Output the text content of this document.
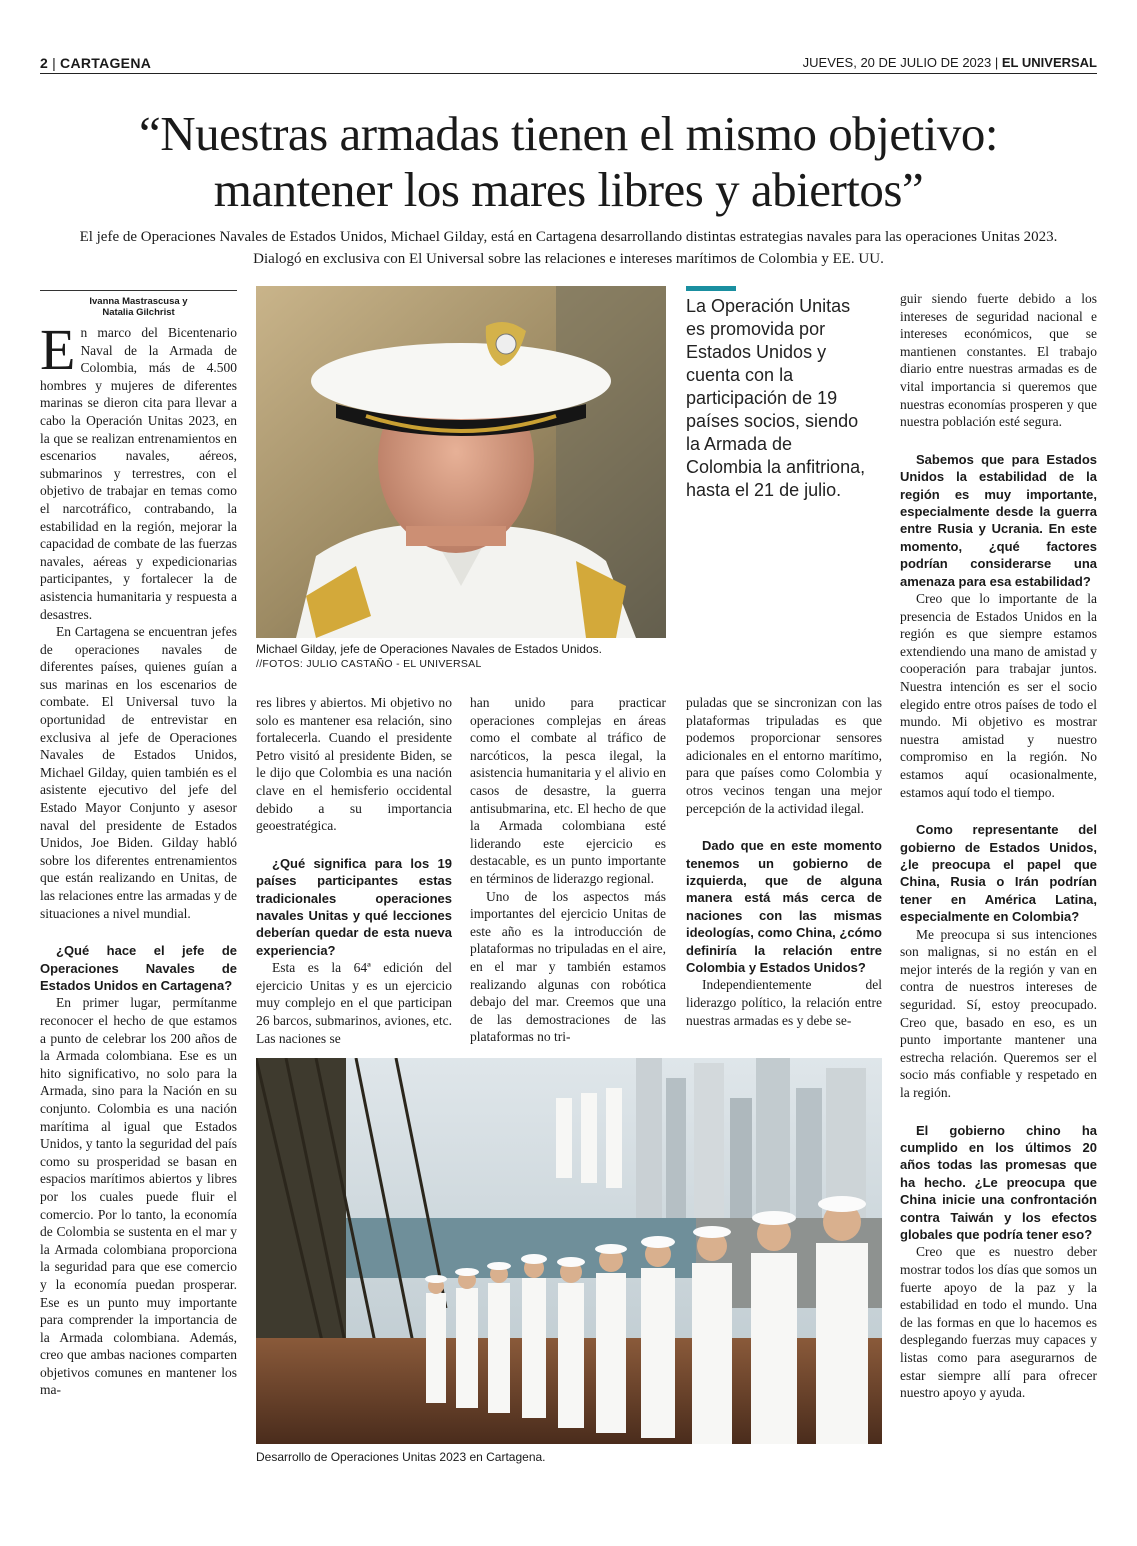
2 | CARTAGENA	JUEVES, 20 DE JULIO DE 2023 | EL UNIVERSAL
“Nuestras armadas tienen el mismo objetivo:
mantener los mares libres y abiertos”
El jefe de Operaciones Navales de Estados Unidos, Michael Gilday, está en Cartagena desarrollando distintas estrategias navales para las operaciones Unitas 2023. Dialogó en exclusiva con El Universal sobre las relaciones e intereses marítimos de Colombia y EE. UU.
Ivanna Mastrascusa y
Natalia Gilchrist

En marco del Bicentenario Naval de la Armada de Colombia, más de 4.500 hombres y mujeres de diferentes marinas se dieron cita para llevar a cabo la Operación Unitas 2023, en la que se realizan entrenamientos en escenarios navales, aéreos, submarinos y terrestres, con el objetivo de trabajar en temas como el narcotráfico, contrabando, la estabilidad en la región, mejorar la capacidad de combate de las fuerzas navales, aéreas y expedicionarias participantes, y fortalecer la de asistencia humanitaria y respuesta a desastres.

En Cartagena se encuentran jefes de operaciones navales de diferentes países, quienes guían a sus marinas en los escenarios de combate. El Universal tuvo la oportunidad de entrevistar en exclusiva al jefe de Operaciones Navales de Estados Unidos, Michael Gilday, quien también es el asistente ejecutivo del jefe del Estado Mayor Conjunto y asesor naval del presidente de Estados Unidos, Joe Biden. Gilday habló sobre los diferentes entrenamientos que están realizando en Unitas, de las relaciones entre las armadas y de situaciones a nivel mundial.

¿Qué hace el jefe de Operaciones Navales de Estados Unidos en Cartagena?

En primer lugar, permítanme reconocer el hecho de que estamos a punto de celebrar los 200 años de la Armada colombiana. Ese es un hito significativo, no solo para la Armada, sino para la Nación en su conjunto. Colombia es una nación marítima al igual que Estados Unidos, y tanto la seguridad del país como su prosperidad se basan en espacios marítimos abiertos y libres por los cuales puede fluir el comercio. Por lo tanto, la economía de Colombia se sustenta en el mar y la Armada colombiana proporciona la seguridad para que ese comercio y la economía puedan prosperar. Ese es un punto muy importante para comprender la importancia de la Armada colombiana. Además, creo que ambas naciones comparten objetivos comunes en mantener los ma-

Michael Gilday, jefe de Operaciones Navales de Estados Unidos.
//FOTOS: JULIO CASTAÑO - EL UNIVERSAL
La Operación Unitas es promovida por Estados Unidos y cuenta con la participación de 19 países socios, siendo la Armada de Colombia la anfitriona, hasta el 21 de julio.

res libres y abiertos. Mi objetivo no solo es mantener esa relación, sino fortalecerla. Cuando el presidente Petro visitó al presidente Biden, se le dijo que Colombia es una nación clave en el hemisferio occidental debido a su importancia geoestratégica.

¿Qué significa para los 19 países participantes estas tradicionales operaciones navales Unitas y qué lecciones deberían quedar de esta nueva experiencia?

Esta es la 64ª edición del ejercicio Unitas y es un ejercicio muy complejo en el que participan 26 barcos, submarinos, aviones, etc. Las naciones se

han unido para practicar operaciones complejas en áreas como el combate al tráfico de narcóticos, la pesca ilegal, la asistencia humanitaria y el alivio en casos de desastre, la guerra antisubmarina, etc. El hecho de que la Armada colombiana esté liderando este ejercicio es destacable, es un punto importante en términos de liderazgo regional.

Uno de los aspectos más importantes del ejercicio Unitas de este año es la introducción de plataformas no tripuladas en el aire, en el mar y también estamos realizando algunas con robótica debajo del mar. Creemos que una de las demostraciones de las plataformas no tri-

puladas que se sincronizan con las plataformas tripuladas es que podemos proporcionar sensores adicionales en el entorno marítimo, para que países como Colombia y otros vecinos tengan una mejor percepción de la actividad ilegal.

Dado que en este momento tenemos un gobierno de izquierda, que de alguna manera está más cerca de naciones con las mismas ideologías, como China, ¿cómo definiría la relación entre Colombia y Estados Unidos?

Independientemente del liderazgo político, la relación entre nuestras armadas es y debe se-

guir siendo fuerte debido a los intereses de seguridad nacional e intereses económicos, que se mantienen constantes. El trabajo diario entre nuestras armadas es de vital importancia si queremos que nuestras economías prosperen y que nuestra población esté segura.

Sabemos que para Estados Unidos la estabilidad de la región es muy importante, especialmente desde la guerra entre Rusia y Ucrania. En este momento, ¿qué factores podrían considerarse una amenaza para esa estabilidad?

Creo que lo importante de la presencia de Estados Unidos en la región es que siempre estamos extendiendo una mano de amistad y cooperación para trabajar juntos. Nuestra intención es ser el socio elegido entre otros países de todo el mundo. Mi objetivo es mostrar nuestra amistad y nuestro compromiso en la región. No estamos aquí ocasionalmente, estamos aquí todo el tiempo.

Como representante del gobierno de Estados Unidos, ¿le preocupa el papel que China, Rusia o Irán podrían tener en América Latina, especialmente en Colombia?

Me preocupa si sus intenciones son malignas, si no están en el mejor interés de la región y van en contra de nuestros intereses de seguridad. Sí, estoy preocupado. Creo que, basado en eso, es un punto importante mantener una estrecha relación. Queremos ser el socio más confiable y respetado en la región.

El gobierno chino ha cumplido en los últimos 20 años todas las promesas que ha hecho. ¿Le preocupa que China inicie una confrontación contra Taiwán y los efectos globales que podría tener eso?

Creo que es nuestro deber mostrar todos los días que somos un fuerte apoyo de la paz y la estabilidad en todo el mundo. Una de las formas en que lo hacemos es desplegando fuerzas muy capaces y listas como para asegurarnos de estar siempre allí para ofrecer nuestro apoyo y ayuda.

Desarrollo de Operaciones Unitas 2023 en Cartagena.
